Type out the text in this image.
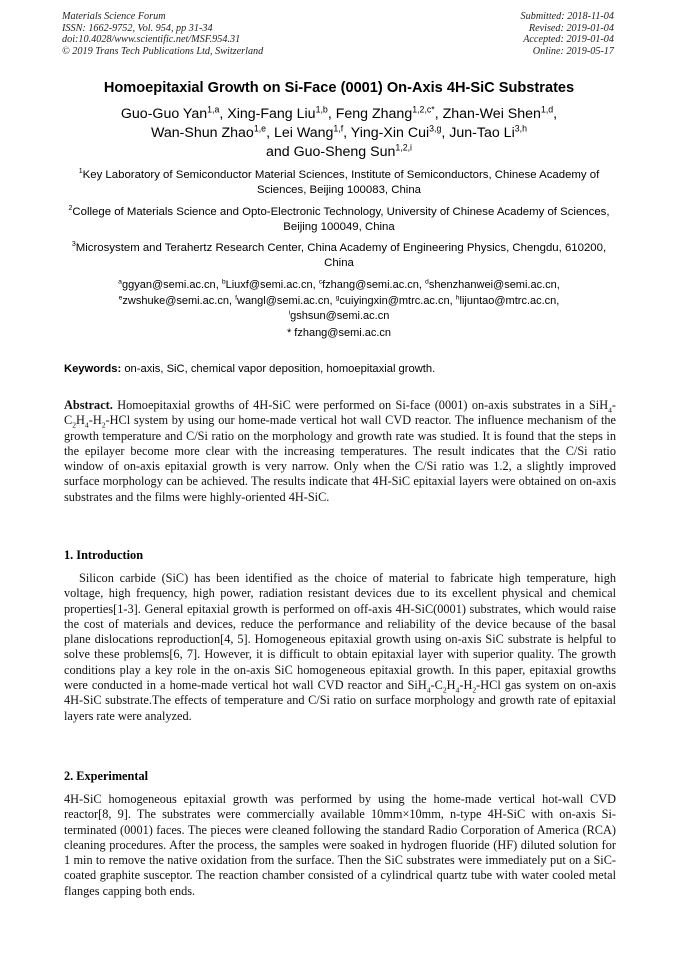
Materials Science Forum
ISSN: 1662-9752, Vol. 954, pp 31-34
doi:10.4028/www.scientific.net/MSF.954.31
© 2019 Trans Tech Publications Ltd, Switzerland
Submitted: 2018-11-04
Revised: 2019-01-04
Accepted: 2019-01-04
Online: 2019-05-17
Homoepitaxial Growth on Si-Face (0001) On-Axis 4H-SiC Substrates
Guo-Guo Yan$^{1,a}$, Xing-Fang Liu$^{1,b}$, Feng Zhang$^{1,2,c*}$, Zhan-Wei Shen$^{1,d}$,
Wan-Shun Zhao$^{1,e}$, Lei Wang$^{1,f}$, Ying-Xin Cui$^{3,g}$, Jun-Tao Li$^{3,h}$
and Guo-Sheng Sun$^{1,2,i}$
$^1$Key Laboratory of Semiconductor Material Sciences, Institute of Semiconductors, Chinese Academy of Sciences, Beijing 100083, China
$^2$College of Materials Science and Opto-Electronic Technology, University of Chinese Academy of Sciences, Beijing 100049, China
$^3$Microsystem and Terahertz Research Center, China Academy of Engineering Physics, Chengdu, 610200, China
$^a$ggyan@semi.ac.cn, $^b$Liuxf@semi.ac.cn, $^c$fzhang@semi.ac.cn, $^d$shenzhanwei@semi.ac.cn,
$^e$zwshuke@semi.ac.cn, $^f$wangl@semi.ac.cn, $^g$cuiyingxin@mtrc.ac.cn, $^h$lijuntao@mtrc.ac.cn,
$^i$gshsun@semi.ac.cn
* fzhang@semi.ac.cn
Keywords: on-axis, SiC, chemical vapor deposition, homoepitaxial growth.
Abstract. Homoepitaxial growths of 4H-SiC were performed on Si-face (0001) on-axis substrates in a $SiH_4-C_2H_4-H_2$-HCl system by using our home-made vertical hot wall CVD reactor. The influence mechanism of the growth temperature and C/Si ratio on the morphology and growth rate was studied. It is found that the steps in the epilayer become more clear with the increasing temperatures. The result indicates that the C/Si ratio window of on-axis epitaxial growth is very narrow. Only when the C/Si ratio was 1.2, a slightly improved surface morphology can be achieved. The results indicate that 4H-SiC epitaxial layers were obtained on on-axis substrates and the films were highly-oriented 4H-SiC.
1. Introduction
Silicon carbide (SiC) has been identified as the choice of material to fabricate high temperature, high voltage, high frequency, high power, radiation resistant devices due to its excellent physical and chemical properties[1-3]. General epitaxial growth is performed on off-axis 4H-SiC(0001) substrates, which would raise the cost of materials and devices, reduce the performance and reliability of the device because of the basal plane dislocations reproduction[4, 5]. Homogeneous epitaxial growth using on-axis SiC substrate is helpful to solve these problems[6, 7]. However, it is difficult to obtain epitaxial layer with superior quality. The growth conditions play a key role in the on-axis SiC homogeneous epitaxial growth. In this paper, epitaxial growths were conducted in a home-made vertical hot wall CVD reactor and $SiH_4-C_2H_4-H_2$-HCl gas system on on-axis 4H-SiC substrate.The effects of temperature and C/Si ratio on surface morphology and growth rate of epitaxial layers rate were analyzed.
2. Experimental
4H-SiC homogeneous epitaxial growth was performed by using the home-made vertical hot-wall CVD reactor[8, 9]. The substrates were commercially available 10mm×10mm, n-type 4H-SiC with on-axis Si-terminated (0001) faces. The pieces were cleaned following the standard Radio Corporation of America (RCA) cleaning procedures. After the process, the samples were soaked in hydrogen fluoride (HF) diluted solution for 1 min to remove the native oxidation from the surface. Then the SiC substrates were immediately put on a SiC-coated graphite susceptor. The reaction chamber consisted of a cylindrical quartz tube with water cooled metal flanges capping both ends.
